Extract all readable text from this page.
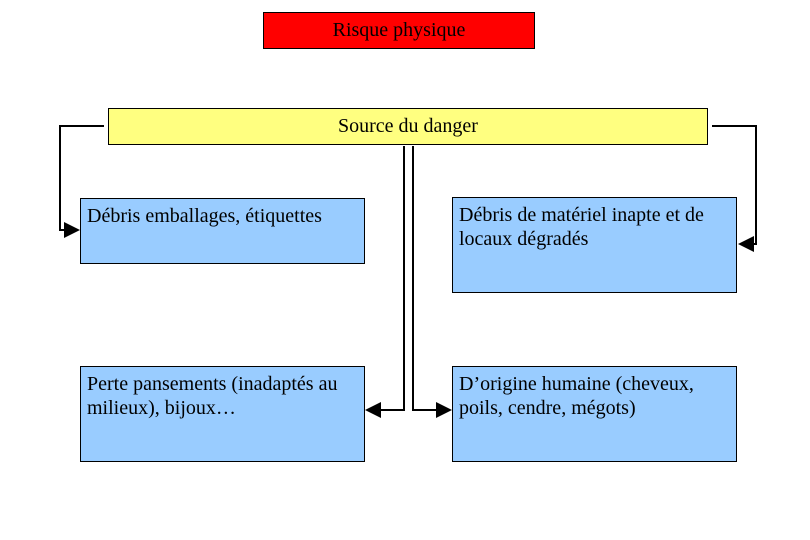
Risque physique
Source du danger
Débris emballages, étiquettes	Débris de matériel inapte et de locaux dégradés
Perte pansements (inadaptés au milieux), bijoux…
D’origine humaine (cheveux, poils, cendre, mégots)
